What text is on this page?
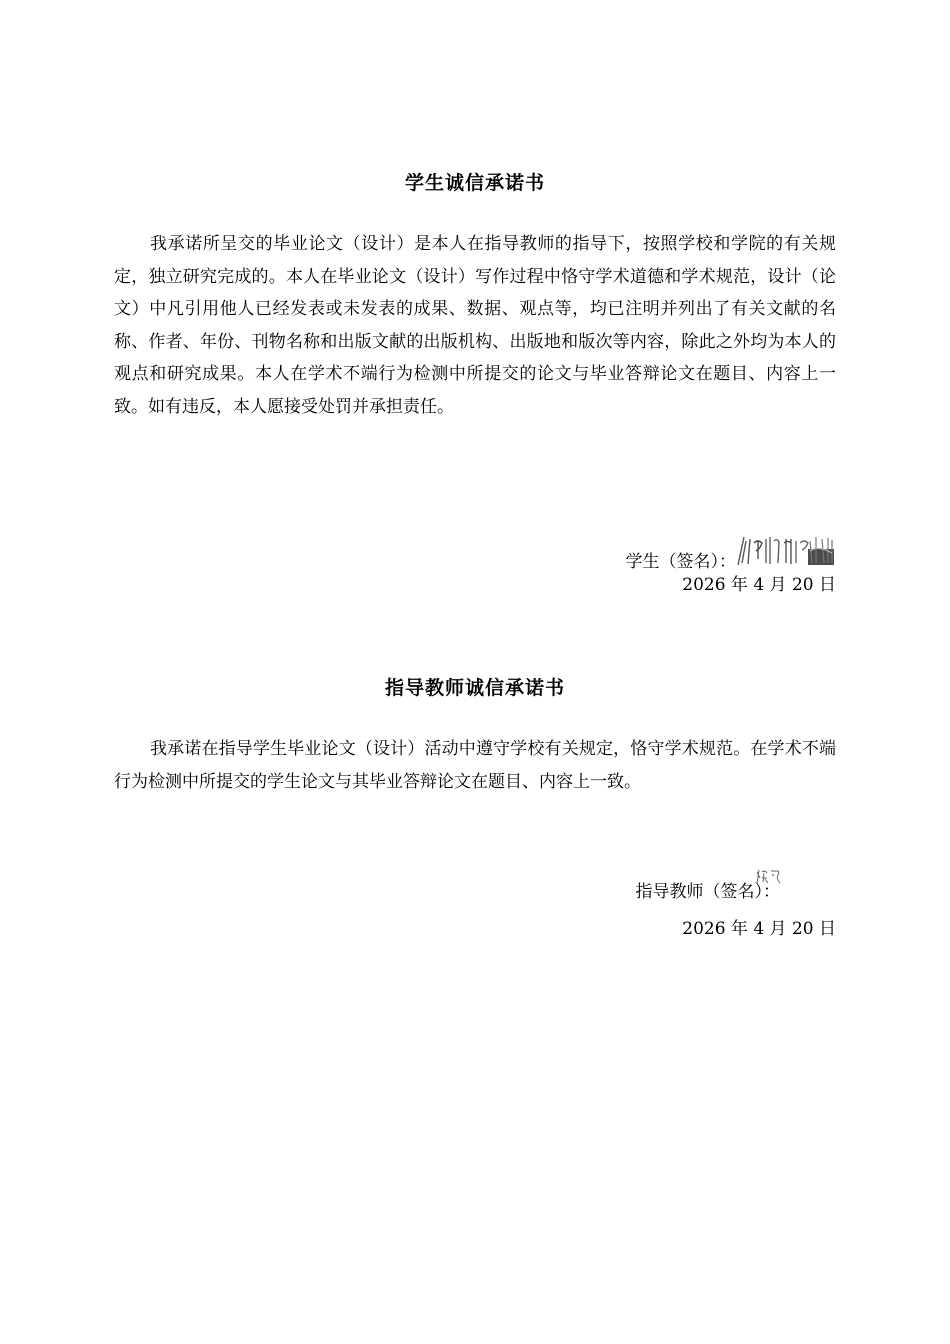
学生诚信承诺书

我承诺所呈交的毕业论文（设计）是本人在指导教师的指导下，按照学校和学院的有关规定，独立研究完成的。本人在毕业论文（设计）写作过程中恪守学术道德和学术规范，设计（论文）中凡引用他人已经发表或未发表的成果、数据、观点等，均已注明并列出了有关文献的名称、作者、年份、刊物名称和出版文献的出版机构、出版地和版次等内容，除此之外均为本人的观点和研究成果。本人在学术不端行为检测中所提交的论文与毕业答辩论文在题目、内容上一致。如有违反，本人愿接受处罚并承担责任。

学生（签名）：
2026 年 4 月 20 日
指导教师诚信承诺书

我承诺在指导学生毕业论文（设计）活动中遵守学校有关规定，恪守学术规范。在学术不端行为检测中所提交的学生论文与其毕业答辩论文在题目、内容上一致。

指导教师（签名）：
2026 年 4 月 20 日
